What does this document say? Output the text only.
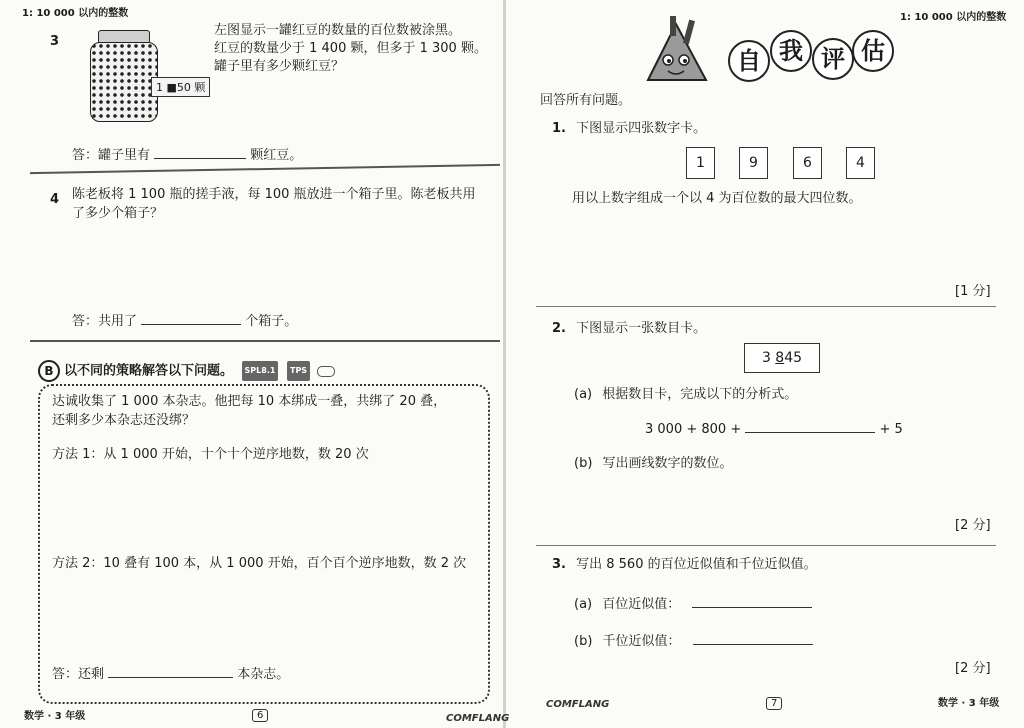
1: 10 000 以内的整数
3
1 ■50 颗
左图显示一罐红豆的数量的百位数被涂黑。
红豆的数量少于 1 400 颗，但多于 1 300 颗。
罐子里有多少颗红豆？
答：罐子里有	颗红豆。
4 陈老板将 1 100 瓶的搓手液，每 100 瓶放进一个箱子里。陈老板共用
了多少个箱子？
答：共用了	个箱子。
B 以不同的策略解答以下问题。 SPL8.1 TPS
达诚收集了 1 000 本杂志。他把每 10 本绑成一叠，共绑了 20 叠，
还剩多少本杂志还没绑？
方法 1：从 1 000 开始，十个十个逆序地数，数 20 次
方法 2：10 叠有 100 本，从 1 000 开始，百个百个逆序地数，数 2 次
答：还剩	本杂志。
数学 · 3 年级	6	COMFLANG
1: 10 000 以内的整数
自 我 评 估
回答所有问题。
1. 下图显示四张数字卡。
1	9	6	4
用以上数字组成一个以 4 为百位数的最大四位数。
[1 分]
2. 下图显示一张数目卡。
3 845
(a) 根据数目卡，完成以下的分析式。
3 000 + 800 +	+ 5
(b) 写出画线数字的数位。
[2 分]
3. 写出 8 560 的百位近似值和千位近似值。
(a) 百位近似值：
(b) 千位近似值：
[2 分]
COMFLANG	7	数学 · 3 年级
